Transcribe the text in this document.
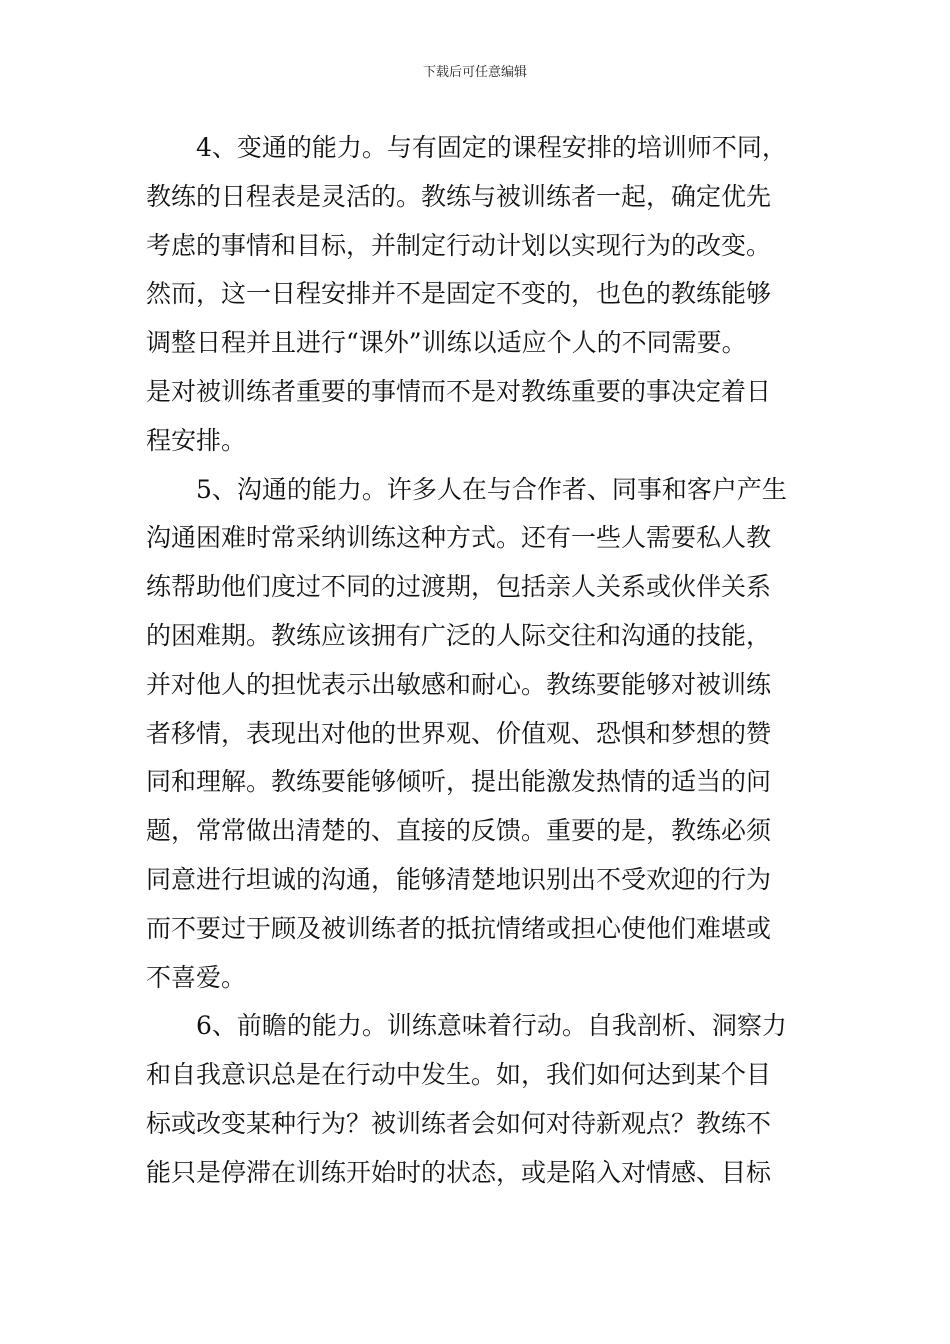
下载后可任意编辑
4、变通的能力。与有固定的课程安排的培训师不同，
教练的日程表是灵活的。教练与被训练者一起，确定优先
考虑的事情和目标，并制定行动计划以实现行为的改变。
然而，这一日程安排并不是固定不变的，也色的教练能够
调整日程并且进行“课外”训练以适应个人的不同需要。
是对被训练者重要的事情而不是对教练重要的事决定着日
程安排。
5、沟通的能力。许多人在与合作者、同事和客户产生
沟通困难时常采纳训练这种方式。还有一些人需要私人教
练帮助他们度过不同的过渡期，包括亲人关系或伙伴关系
的困难期。教练应该拥有广泛的人际交往和沟通的技能，
并对他人的担忧表示出敏感和耐心。教练要能够对被训练
者移情，表现出对他的世界观、价值观、恐惧和梦想的赞
同和理解。教练要能够倾听，提出能激发热情的适当的问
题，常常做出清楚的、直接的反馈。重要的是，教练必须
同意进行坦诚的沟通，能够清楚地识别出不受欢迎的行为
而不要过于顾及被训练者的抵抗情绪或担心使他们难堪或
不喜爱。
6、前瞻的能力。训练意味着行动。自我剖析、洞察力
和自我意识总是在行动中发生。如，我们如何达到某个目
标或改变某种行为？被训练者会如何对待新观点？教练不
能只是停滞在训练开始时的状态，或是陷入对情感、目标
